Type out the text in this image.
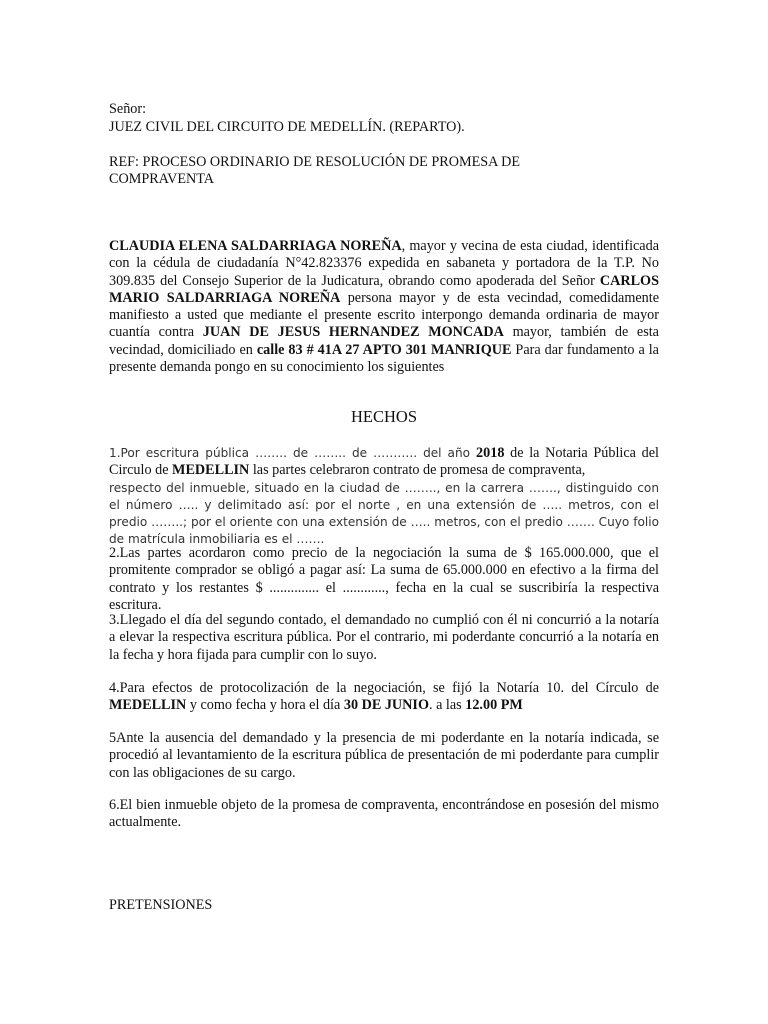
Señor:

JUEZ CIVIL DEL CIRCUITO DE MEDELLÍN. (REPARTO).

REF: PROCESO ORDINARIO DE RESOLUCIÓN DE PROMESA DE
COMPRAVENTA

CLAUDIA ELENA SALDARRIAGA NOREÑA, mayor y vecina de esta ciudad, identificada con la cédula de ciudadanía N°42.823376 expedida en sabaneta y portadora de la T.P. No 309.835 del Consejo Superior de la Judicatura, obrando como apoderada del Señor CARLOS MARIO SALDARRIAGA NOREÑA persona mayor y de esta vecindad, comedidamente manifiesto a usted que mediante el presente escrito interpongo demanda ordinaria de mayor cuantía contra JUAN DE JESUS HERNANDEZ MONCADA mayor, también de esta vecindad, domiciliado en calle 83 # 41A 27 APTO 301 MANRIQUE Para dar fundamento a la presente demanda pongo en su conocimiento los siguientes

HECHOS
1.Por escritura pública …….. de …….. de ……….. del año 2018 de la Notaria Pública del Circulo de MEDELLIN las partes celebraron contrato de promesa de compraventa,
respecto del inmueble, situado en la ciudad de …….., en la carrera ……., distinguido con el número ….. y delimitado así: por el norte , en una extensión de ….. metros, con el predio ……..; por el oriente con una extensión de ….. metros, con el predio ……. Cuyo folio de matrícula inmobiliaria es el …….

2.Las partes acordaron como precio de la negociación la suma de $ 165.000.000, que el promitente comprador se obligó a pagar así: La suma de 65.000.000 en efectivo a la firma del contrato y los restantes $ .............. el ............, fecha en la cual se suscribiría la respectiva escritura.

3.Llegado el día del segundo contado, el demandado no cumplió con él ni concurrió a la notaría a elevar la respectiva escritura pública. Por el contrario, mi poderdante concurrió a la notaría en la fecha y hora fijada para cumplir con lo suyo.

4.Para efectos de protocolización de la negociación, se fijó la Notaría 10. del Círculo de MEDELLIN y como fecha y hora el día 30 DE JUNIO. a las 12.00 PM

5Ante la ausencia del demandado y la presencia de mi poderdante en la notaría indicada, se procedió al levantamiento de la escritura pública de presentación de mi poderdante para cumplir con las obligaciones de su cargo.

6.El bien inmueble objeto de la promesa de compraventa, encontrándose en posesión del mismo actualmente.

PRETENSIONES
